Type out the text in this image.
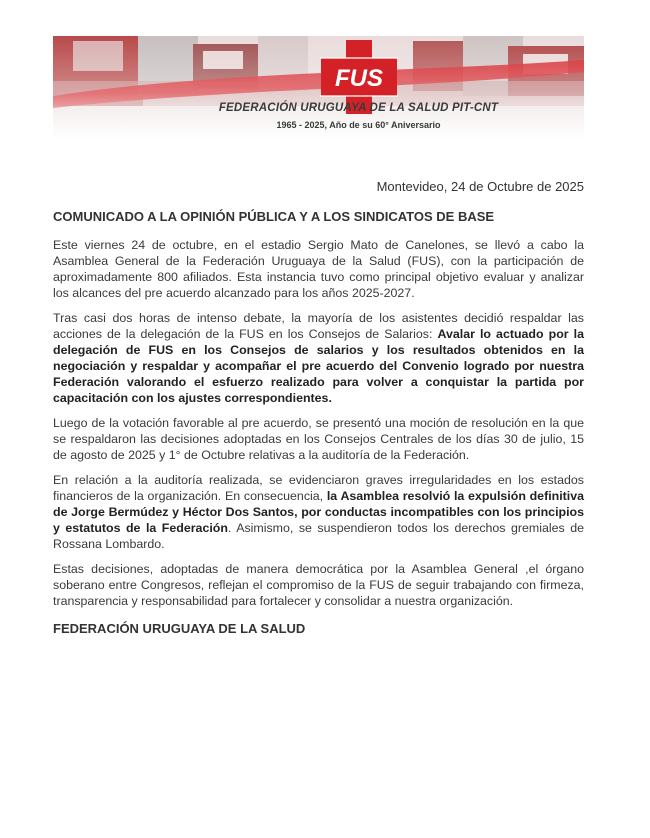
FUS
FEDERACIÓN URUGUAYA DE LA SALUD PIT-CNT
1965 - 2025, Año de su 60° Aniversario
Montevideo, 24 de Octubre de 2025
COMUNICADO A LA OPINIÓN PÚBLICA Y A LOS SINDICATOS DE BASE

Este viernes 24 de octubre, en el estadio Sergio Mato de Canelones, se llevó a cabo la Asamblea General de la Federación Uruguaya de la Salud (FUS), con la participación de aproximadamente 800 afiliados. Esta instancia tuvo como principal objetivo evaluar y analizar los alcances del pre acuerdo alcanzado para los años 2025-2027.

Tras casi dos horas de intenso debate, la mayoría de los asistentes decidió respaldar las acciones de la delegación de la FUS en los Consejos de Salarios: Avalar lo actuado por la delegación de FUS en los Consejos de salarios y los resultados obtenidos en la negociación y respaldar y acompañar el pre acuerdo del Convenio logrado por nuestra Federación valorando el esfuerzo realizado para volver a conquistar la partida por capacitación con los ajustes correspondientes.

Luego de la votación favorable al pre acuerdo, se presentó una moción de resolución en la que se respaldaron las decisiones adoptadas en los Consejos Centrales de los días 30 de julio, 15 de agosto de 2025 y 1° de Octubre relativas a la auditoría de la Federación.

En relación a la auditoría realizada, se evidenciaron graves irregularidades en los estados financieros de la organización. En consecuencia, la Asamblea resolvió la expulsión definitiva de Jorge Bermúdez y Héctor Dos Santos, por conductas incompatibles con los principios y estatutos de la Federación. Asimismo, se suspendieron todos los derechos gremiales de Rossana Lombardo.

Estas decisiones, adoptadas de manera democrática por la Asamblea General ,el órgano soberano entre Congresos, reflejan el compromiso de la FUS de seguir trabajando con firmeza, transparencia y responsabilidad para fortalecer y consolidar a nuestra organización.

FEDERACIÓN URUGUAYA DE LA SALUD
